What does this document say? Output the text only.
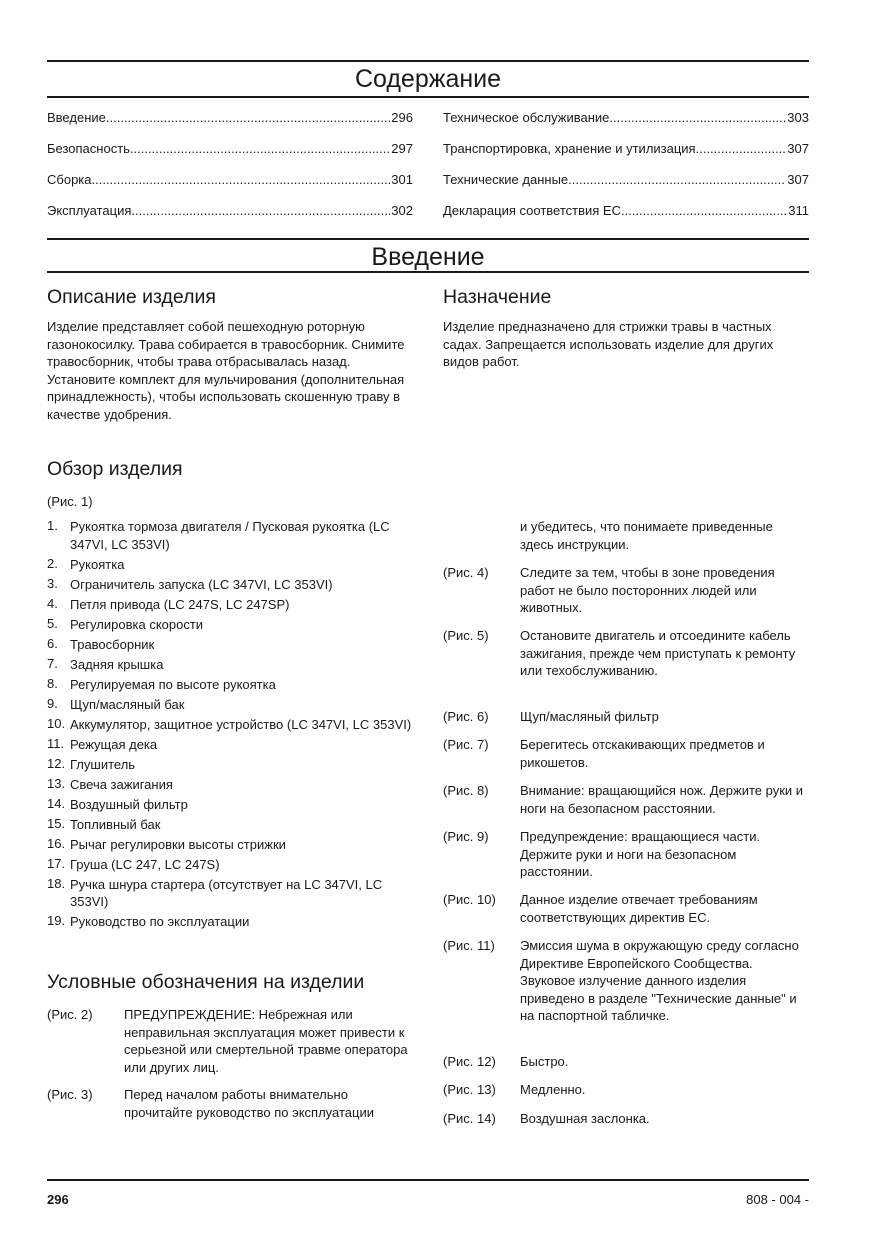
Содержание
Введение .....	296
Безопасность .....	297
Сборка .....	301
Эксплуатация .....	302
Техническое обслуживание .....	303
Транспортировка, хранение и утилизация .....	307
Технические данные .....	307
Декларация соответствия ЕС .....	311
Введение
Описание изделия
Изделие представляет собой пешеходную роторную газонокосилку. Трава собирается в травосборник. Снимите травосборник, чтобы трава отбрасывалась назад. Установите комплект для мульчирования (дополнительная принадлежность), чтобы использовать скошенную траву в качестве удобрения.
Назначение
Изделие предназначено для стрижки травы в частных садах. Запрещается использовать изделие для других видов работ.
Обзор изделия
(Рис. 1)
1. Рукоятка тормоза двигателя / Пусковая рукоятка (LC 347VI, LC 353VI)
2. Рукоятка
3. Ограничитель запуска (LC 347VI, LC 353VI)
4. Петля привода (LC 247S, LC 247SP)
5. Регулировка скорости
6. Травосборник
7. Задняя крышка
8. Регулируемая по высоте рукоятка
9. Щуп/масляный бак
10. Аккумулятор, защитное устройство (LC 347VI, LC 353VI)
11. Режущая дека
12. Глушитель
13. Свеча зажигания
14. Воздушный фильтр
15. Топливный бак
16. Рычаг регулировки высоты стрижки
17. Груша (LC 247, LC 247S)
18. Ручка шнура стартера (отсутствует на LC 347VI, LC 353VI)
19. Руководство по эксплуатации
Условные обозначения на изделии
(Рис. 2)	ПРЕДУПРЕЖДЕНИЕ: Небрежная или неправильная эксплуатация может привести к серьезной или смертельной травме оператора или других лиц.
(Рис. 3)	Перед началом работы внимательно прочитайте руководство по эксплуатации
и убедитесь, что понимаете приведенные здесь инструкции.
(Рис. 4)	Следите за тем, чтобы в зоне проведения работ не было посторонних людей или животных.
(Рис. 5)	Остановите двигатель и отсоедините кабель зажигания, прежде чем приступать к ремонту или техобслуживанию.
(Рис. 6)	Щуп/масляный фильтр
(Рис. 7)	Берегитесь отскакивающих предметов и рикошетов.
(Рис. 8)	Внимание: вращающийся нож. Держите руки и ноги на безопасном расстоянии.
(Рис. 9)	Предупреждение: вращающиеся части. Держите руки и ноги на безопасном расстоянии.
(Рис. 10)	Данное изделие отвечает требованиям соответствующих директив ЕС.
(Рис. 11)	Эмиссия шума в окружающую среду согласно Директиве Европейского Сообщества. Звуковое излучение данного изделия приведено в разделе "Технические данные" и на паспортной табличке.
(Рис. 12)	Быстро.
(Рис. 13)	Медленно.
(Рис. 14)	Воздушная заслонка.
296	808 - 004 -
